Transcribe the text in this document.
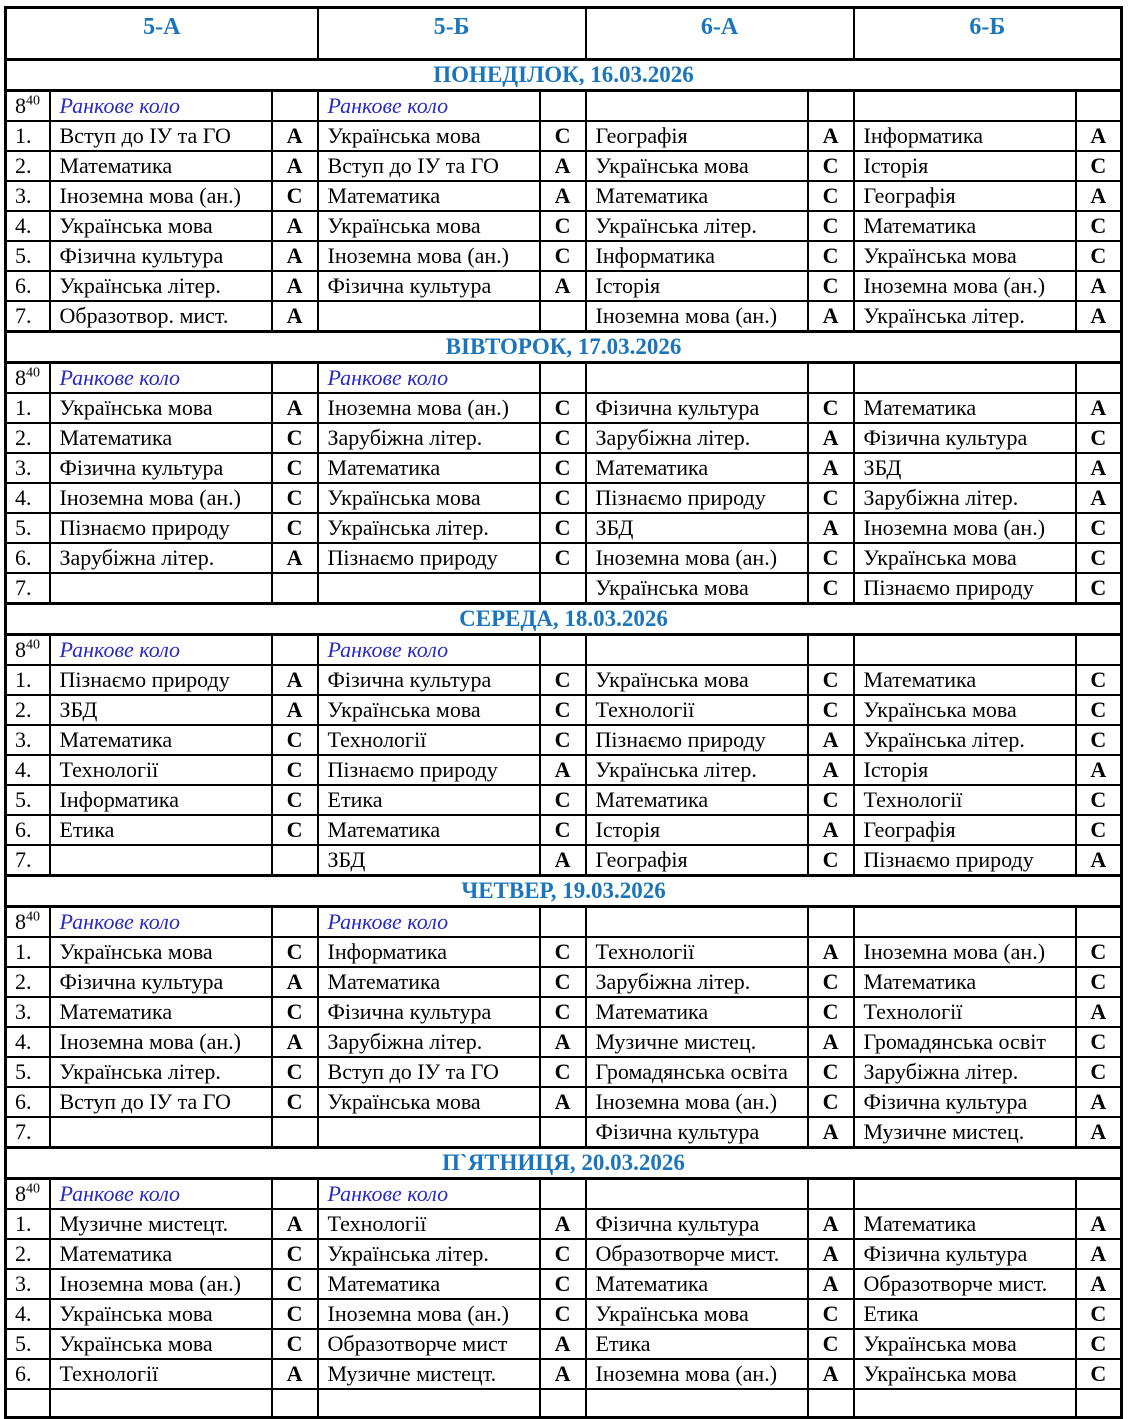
5-А			5-Б		6-А		6-Б	
ПОНЕДІЛОК, 16.03.2026								
$8^{40}$	Ранкове коло		Ранкове коло					
1.	Вступ до ІУ та ГО	А	Українська мова	С	Географія	А	Інформатика	А
2.	Математика	А	Вступ до ІУ та ГО	А	Українська мова	С	Історія	С
3.	Іноземна мова (ан.)	С	Математика	А	Математика	С	Географія	А
4.	Українська мова	А	Українська мова	С	Українська літер.	С	Математика	С
5.	Фізична культура	А	Іноземна мова (ан.)	С	Інформатика	С	Українська мова	С
6.	Українська літер.	А	Фізична культура	А	Історія	С	Іноземна мова (ан.)	А
7.	Образотвор. мист.	А			Іноземна мова (ан.)	А	Українська літер.	А
ВІВТОРОК, 17.03.2026								
$8^{40}$	Ранкове коло		Ранкове коло					
1.	Українська мова	А	Іноземна мова (ан.)	С	Фізична культура	С	Математика	А
2.	Математика	С	Зарубіжна літер.	С	Зарубіжна літер.	А	Фізична культура	С
3.	Фізична культура	С	Математика	С	Математика	А	ЗБД	А
4.	Іноземна мова (ан.)	С	Українська мова	С	Пізнаємо природу	С	Зарубіжна літер.	А
5.	Пізнаємо природу	С	Українська літер.	С	ЗБД	А	Іноземна мова (ан.)	С
6.	Зарубіжна літер.	А	Пізнаємо природу	С	Іноземна мова (ан.)	С	Українська мова	С
7.					Українська мова	С	Пізнаємо природу	С
СЕРЕДА, 18.03.2026								
$8^{40}$	Ранкове коло		Ранкове коло					
1.	Пізнаємо природу	А	Фізична культура	С	Українська мова	С	Математика	С
2.	ЗБД	А	Українська мова	С	Технології	С	Українська мова	С
3.	Математика	С	Технології	С	Пізнаємо природу	А	Українська літер.	С
4.	Технології	С	Пізнаємо природу	А	Українська літер.	А	Історія	А
5.	Інформатика	С	Етика	С	Математика	С	Технології	С
6.	Етика	С	Математика	С	Історія	А	Географія	С
7.			ЗБД	А	Географія	С	Пізнаємо природу	А
ЧЕТВЕР, 19.03.2026								
$8^{40}$	Ранкове коло		Ранкове коло					
1.	Українська мова	С	Інформатика	С	Технології	А	Іноземна мова (ан.)	С
2.	Фізична культура	А	Математика	С	Зарубіжна літер.	С	Математика	С
3.	Математика	С	Фізична культура	С	Математика	С	Технології	А
4.	Іноземна мова (ан.)	А	Зарубіжна літер.	А	Музичне мистец.	А	Громадянська освіт	С
5.	Українська літер.	С	Вступ до ІУ та ГО	С	Громадянська освіта	С	Зарубіжна літер.	С
6.	Вступ до ІУ та ГО	С	Українська мова	А	Іноземна мова (ан.)	С	Фізична культура	А
7.					Фізична культура	А	Музичне мистец.	А
П`ЯТНИЦЯ, 20.03.2026								
$8^{40}$	Ранкове коло		Ранкове коло					
1.	Музичне мистецт.	А	Технології	А	Фізична культура	А	Математика	А
2.	Математика	С	Українська літер.	С	Образотворче мист.	А	Фізична культура	А
3.	Іноземна мова (ан.)	С	Математика	С	Математика	А	Образотворче мист.	А
4.	Українська мова	С	Іноземна мова (ан.)	С	Українська мова	С	Етика	С
5.	Українська мова	С	Образотворче мист	А	Етика	С	Українська мова	С
6.	Технології	А	Музичне мистецт.	А	Іноземна мова (ан.)	А	Українська мова	С
